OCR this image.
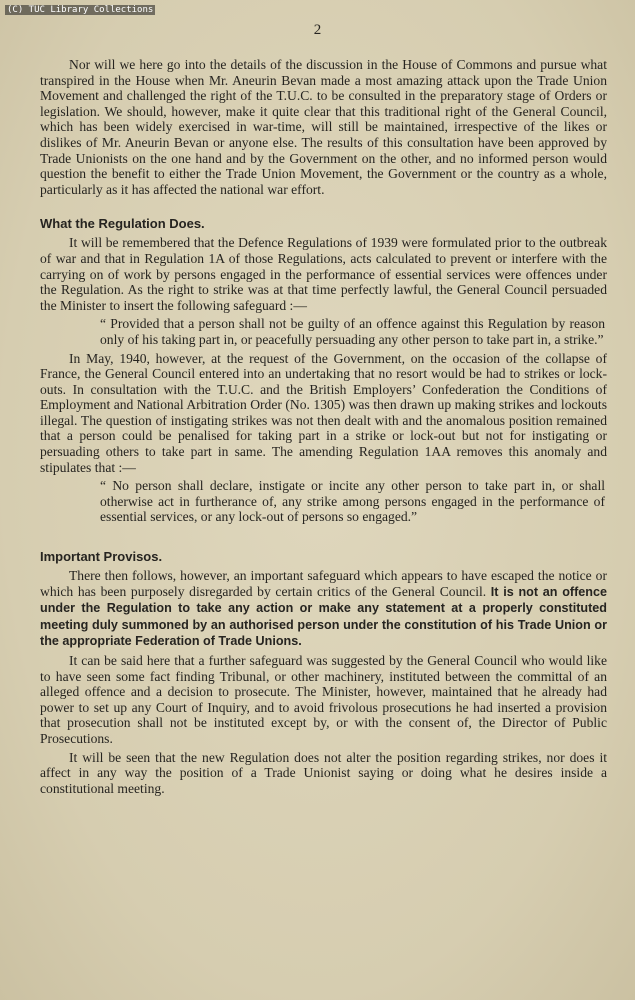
(C) TUC Library Collections
2

Nor will we here go into the details of the discussion in the House of Commons and pursue what transpired in the House when Mr. Aneurin Bevan made a most amazing attack upon the Trade Union Movement and challenged the right of the T.U.C. to be consulted in the preparatory stage of Orders or legislation. We should, however, make it quite clear that this traditional right of the General Council, which has been widely exercised in war-time, will still be maintained, irrespective of the likes or dislikes of Mr. Aneurin Bevan or anyone else. The results of this consultation have been approved by Trade Unionists on the one hand and by the Government on the other, and no informed person would question the benefit to either the Trade Union Movement, the Government or the country as a whole, particularly as it has affected the national war effort.

What the Regulation Does.

It will be remembered that the Defence Regulations of 1939 were formulated prior to the outbreak of war and that in Regulation 1A of those Regulations, acts calculated to prevent or interfere with the carrying on of work by persons engaged in the performance of essential services were offences under the Regulation. As the right to strike was at that time perfectly lawful, the General Council persuaded the Minister to insert the following safeguard :—

“ Provided that a person shall not be guilty of an offence against this Regulation by reason only of his taking part in, or peacefully persuading any other person to take part in, a strike.”

In May, 1940, however, at the request of the Government, on the occasion of the collapse of France, the General Council entered into an undertaking that no resort would be had to strikes or lock-outs. In consultation with the T.U.C. and the British Employers’ Confederation the Conditions of Employment and National Arbitration Order (No. 1305) was then drawn up making strikes and lockouts illegal. The question of instigating strikes was not then dealt with and the anomalous position remained that a person could be penalised for taking part in a strike or lock-out but not for instigating or persuading others to take part in same. The amending Regulation 1AA removes this anomaly and stipulates that :—

“ No person shall declare, instigate or incite any other person to take part in, or shall otherwise act in furtherance of, any strike among persons engaged in the performance of essential services, or any lock-out of persons so engaged.”

Important Provisos.

There then follows, however, an important safeguard which appears to have escaped the notice or which has been purposely disregarded by certain critics of the General Council. It is not an offence under the Regulation to take any action or make any statement at a properly constituted meeting duly summoned by an authorised person under the constitution of his Trade Union or the appropriate Federation of Trade Unions.

It can be said here that a further safeguard was suggested by the General Council who would like to have seen some fact finding Tribunal, or other machinery, instituted between the committal of an alleged offence and a decision to prosecute. The Minister, however, maintained that he already had power to set up any Court of Inquiry, and to avoid frivolous prosecutions he had inserted a provision that prosecution shall not be instituted except by, or with the consent of, the Director of Public Prosecutions.

It will be seen that the new Regulation does not alter the position regarding strikes, nor does it affect in any way the position of a Trade Unionist saying or doing what he desires inside a constitutional meeting.
